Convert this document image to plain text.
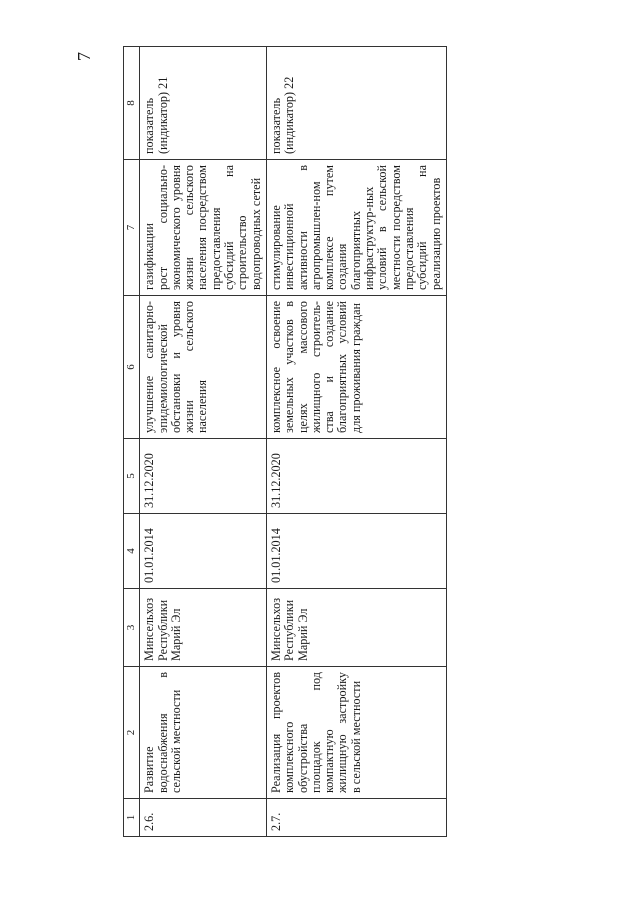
7
1	2	3	4	5	6	7	8
2.6.	Развитие водоснабжения в сельской местности	Минсельхоз Республики Марий Эл	01.01.2014	31.12.2020	улучшение санитарно-эпидемиологической обстановки и уровня жизни сельского населения	газификации рост социально-экономического уровня жизни сельского населения посредством предоставления субсидий на строительство водопроводных сетей	показатель (индикатор) 21
2.7.	Реализация проектов комплексного обустройства площадок под компактную жилищную застройку в сельской местности	Минсельхоз Республики Марий Эл	01.01.2014	31.12.2020	комплексное освоение земельных участков в целях массового жилищного строитель-ства и создание благоприятных условий для проживания граждан	стимулирование инвестиционной активности в агропромышлен-ном комплексе путем создания благоприятных инфраструктур-ных условий в сельской местности посредством предоставления субсидий на реализацию проектов	показатель (индикатор) 22
